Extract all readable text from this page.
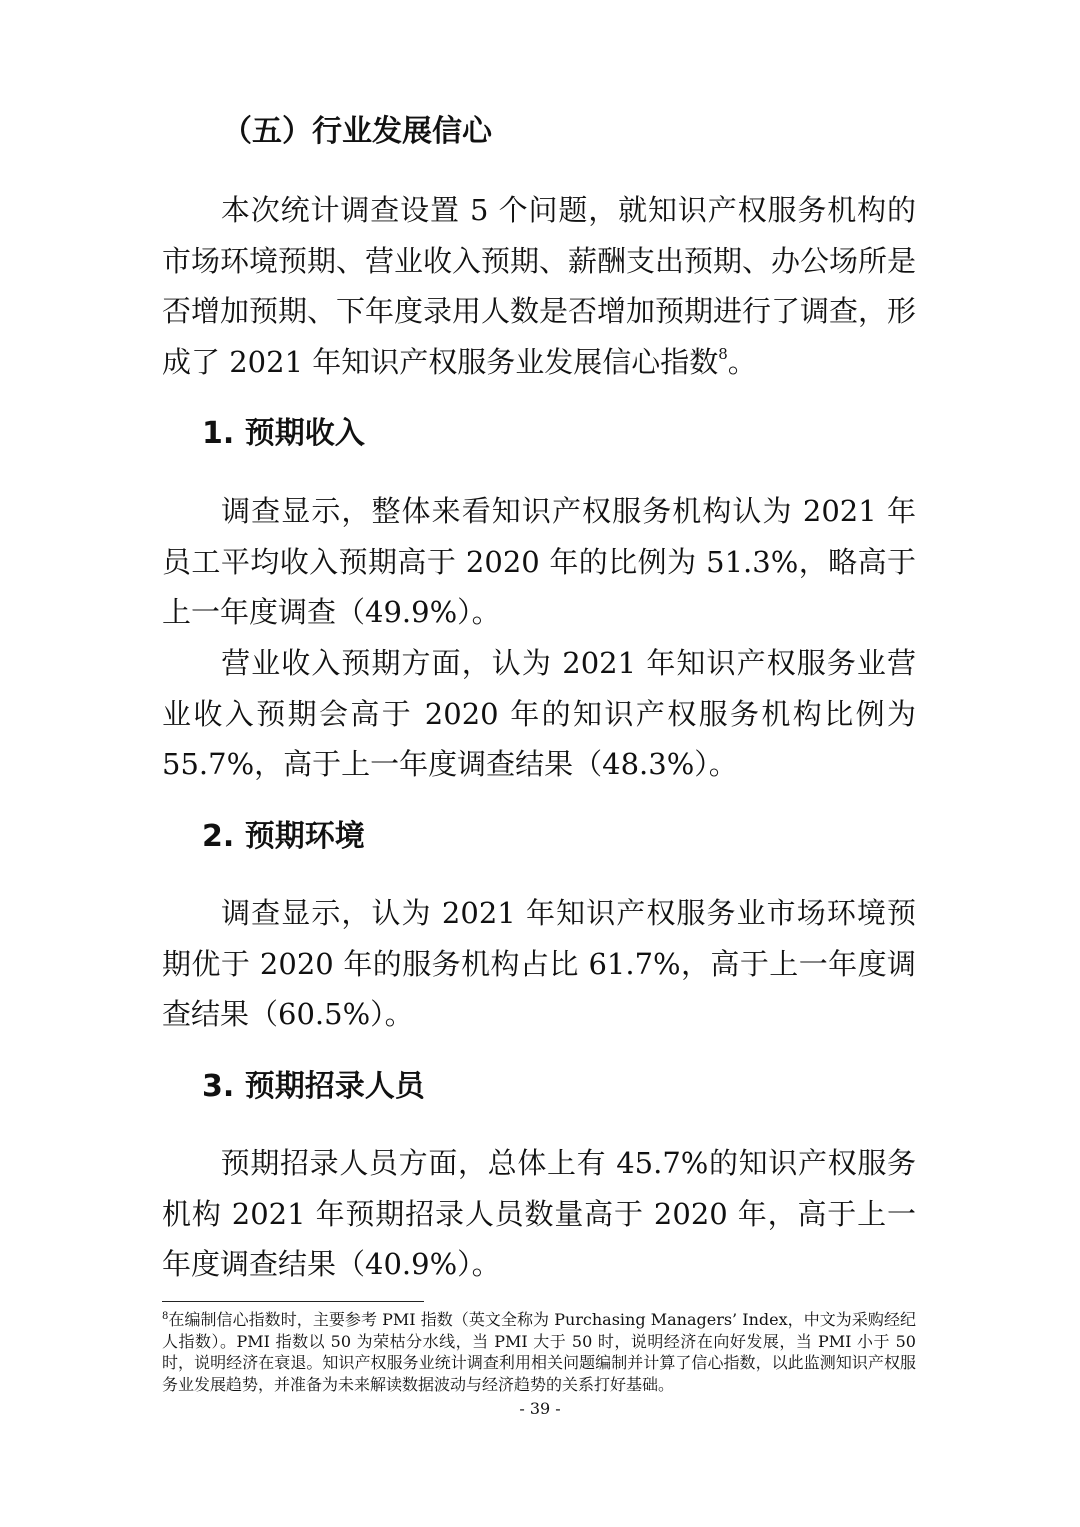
（五）行业发展信心

本次统计调查设置 5 个问题，就知识产权服务机构的市场环境预期、营业收入预期、薪酬支出预期、办公场所是否增加预期、下年度录用人数是否增加预期进行了调查，形成了 2021 年知识产权服务业发展信心指数$^8$。

1. 预期收入

调查显示，整体来看知识产权服务机构认为 2021 年员工平均收入预期高于 2020 年的比例为 51.3%，略高于上一年度调查（49.9%）。

营业收入预期方面，认为 2021 年知识产权服务业营业收入预期会高于 2020 年的知识产权服务机构比例为 55.7%，高于上一年度调查结果（48.3%）。

2. 预期环境

调查显示，认为 2021 年知识产权服务业市场环境预期优于 2020 年的服务机构占比 61.7%，高于上一年度调查结果（60.5%）。

3. 预期招录人员

预期招录人员方面，总体上有 45.7%的知识产权服务机构 2021 年预期招录人员数量高于 2020 年，高于上一年度调查结果（40.9%）。

$^8$在编制信心指数时，主要参考 PMI 指数（英文全称为 Purchasing Managers’ Index，中文为采购经纪人指数）。PMI 指数以 50 为荣枯分水线，当 PMI 大于 50 时，说明经济在向好发展，当 PMI 小于 50 时，说明经济在衰退。知识产权服务业统计调查利用相关问题编制并计算了信心指数，以此监测知识产权服务业发展趋势，并准备为未来解读数据波动与经济趋势的关系打好基础。

- 39 -
